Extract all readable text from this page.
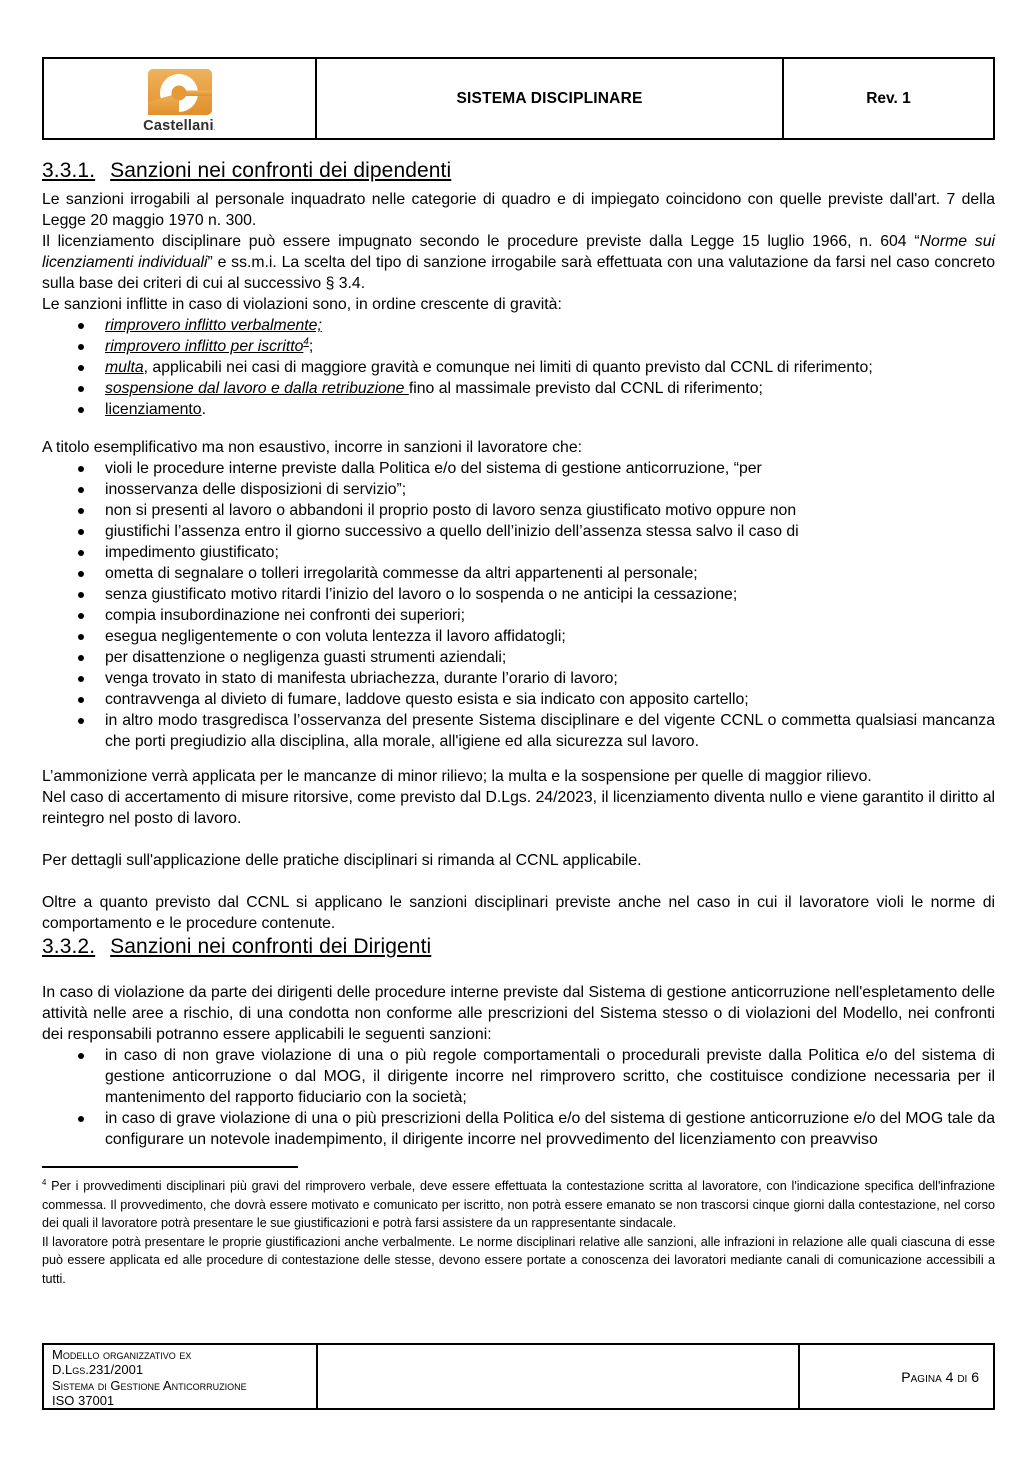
Castellani.
SISTEMA DISCIPLINARE	Rev. 1
3.3.1. Sanzioni nei confronti dei dipendenti

Le sanzioni irrogabili al personale inquadrato nelle categorie di quadro e di impiegato coincidono con quelle previste dall'art. 7 della Legge 20 maggio 1970 n. 300.

Il licenziamento disciplinare può essere impugnato secondo le procedure previste dalla Legge 15 luglio 1966, n. 604 “Norme sui licenziamenti individuali” e ss.m.i. La scelta del tipo di sanzione irrogabile sarà effettuata con una valutazione da farsi nel caso concreto sulla base dei criteri di cui al successivo § 3.4.

Le sanzioni inflitte in caso di violazioni sono, in ordine crescente di gravità:

rimprovero inflitto verbalmente;
rimprovero inflitto per iscritto$^4$;
multa, applicabili nei casi di maggiore gravità e comunque nei limiti di quanto previsto dal CCNL di riferimento;
sospensione dal lavoro e dalla retribuzione fino al massimale previsto dal CCNL di riferimento;
licenziamento.

A titolo esemplificativo ma non esaustivo, incorre in sanzioni il lavoratore che:

violi le procedure interne previste dalla Politica e/o del sistema di gestione anticorruzione, “per
inosservanza delle disposizioni di servizio”;
non si presenti al lavoro o abbandoni il proprio posto di lavoro senza giustificato motivo oppure non
giustifichi l’assenza entro il giorno successivo a quello dell’inizio dell’assenza stessa salvo il caso di
impedimento giustificato;
ometta di segnalare o tolleri irregolarità commesse da altri appartenenti al personale;
senza giustificato motivo ritardi l’inizio del lavoro o lo sospenda o ne anticipi la cessazione;
compia insubordinazione nei confronti dei superiori;
esegua negligentemente o con voluta lentezza il lavoro affidatogli;
per disattenzione o negligenza guasti strumenti aziendali;
venga trovato in stato di manifesta ubriachezza, durante l’orario di lavoro;
contravvenga al divieto di fumare, laddove questo esista e sia indicato con apposito cartello;
in altro modo trasgredisca l’osservanza del presente Sistema disciplinare e del vigente CCNL o commetta qualsiasi mancanza che porti pregiudizio alla disciplina, alla morale, all'igiene ed alla sicurezza sul lavoro.

L’ammonizione verrà applicata per le mancanze di minor rilievo; la multa e la sospensione per quelle di maggior rilievo.

Nel caso di accertamento di misure ritorsive, come previsto dal D.Lgs. 24/2023, il licenziamento diventa nullo e viene garantito il diritto al reintegro nel posto di lavoro.

Per dettagli sull'applicazione delle pratiche disciplinari si rimanda al CCNL applicabile.

Oltre a quanto previsto dal CCNL si applicano le sanzioni disciplinari previste anche nel caso in cui il lavoratore violi le norme di comportamento e le procedure contenute.

3.3.2. Sanzioni nei confronti dei Dirigenti

In caso di violazione da parte dei dirigenti delle procedure interne previste dal Sistema di gestione anticorruzione nell'espletamento delle attività nelle aree a rischio, di una condotta non conforme alle prescrizioni del Sistema stesso o di violazioni del Modello, nei confronti dei responsabili potranno essere applicabili le seguenti sanzioni:

in caso di non grave violazione di una o più regole comportamentali o procedurali previste dalla Politica e/o del sistema di gestione anticorruzione o dal MOG, il dirigente incorre nel rimprovero scritto, che costituisce condizione necessaria per il mantenimento del rapporto fiduciario con la società;
in caso di grave violazione di una o più prescrizioni della Politica e/o del sistema di gestione anticorruzione e/o del MOG tale da configurare un notevole inadempimento, il dirigente incorre nel provvedimento del licenziamento con preavviso

$^4$ Per i provvedimenti disciplinari più gravi del rimprovero verbale, deve essere effettuata la contestazione scritta al lavoratore, con l'indicazione specifica dell'infrazione commessa. Il provvedimento, che dovrà essere motivato e comunicato per iscritto, non potrà essere emanato se non trascorsi cinque giorni dalla contestazione, nel corso dei quali il lavoratore potrà presentare le sue giustificazioni e potrà farsi assistere da un rappresentante sindacale.

Il lavoratore potrà presentare le proprie giustificazioni anche verbalmente. Le norme disciplinari relative alle sanzioni, alle infrazioni in relazione alle quali ciascuna di esse può essere applicata ed alle procedure di contestazione delle stesse, devono essere portate a conoscenza dei lavoratori mediante canali di comunicazione accessibili a tutti.

Modello organizzativo ex
D.Lgs.231/2001
Sistema di Gestione Anticorruzione
ISO 37001
Pagina 4 di 6
